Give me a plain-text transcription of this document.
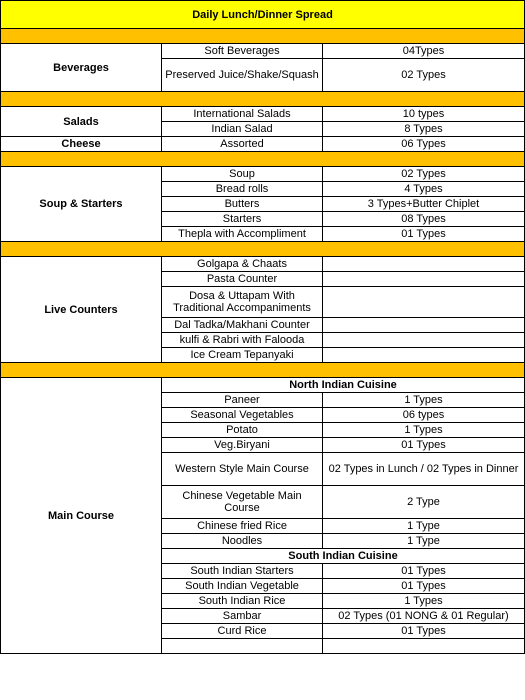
Daily Lunch/Dinner Spread		

Beverages	Soft Beverages	04Types
	Preserved Juice/Shake/Squash	02 Types

Salads	International Salads	10 types
	Indian Salad	8 Types
Cheese	Assorted	06 Types

Soup & Starters	Soup	02 Types
	Bread rolls	4 Types
	Butters	3 Types+Butter Chiplet
	Starters	08 Types
	Thepla with Accompliment	01 Types

Live Counters	Golgapa & Chaats	
	Pasta Counter	
	Dosa & Uttapam With Traditional Accompaniments	
	Dal Tadka/Makhani Counter	
	kulfi & Rabri with Falooda	
	Ice Cream Tepanyaki	

Main Course	North Indian Cuisine	
	Paneer	1 Types
	Seasonal Vegetables	06 types
	Potato	1 Types
	Veg.Biryani	01 Types
	Western Style Main Course	02 Types in Lunch / 02 Types in Dinner
	Chinese Vegetable Main Course	2 Type
	Chinese fried Rice	1 Type
	Noodles	1 Type
	South Indian Cuisine	
	South Indian Starters	01 Types
	South Indian Vegetable	01 Types
	South Indian Rice	1 Types
	Sambar	02 Types (01 NONG & 01 Regular)
	Curd Rice	01 Types
